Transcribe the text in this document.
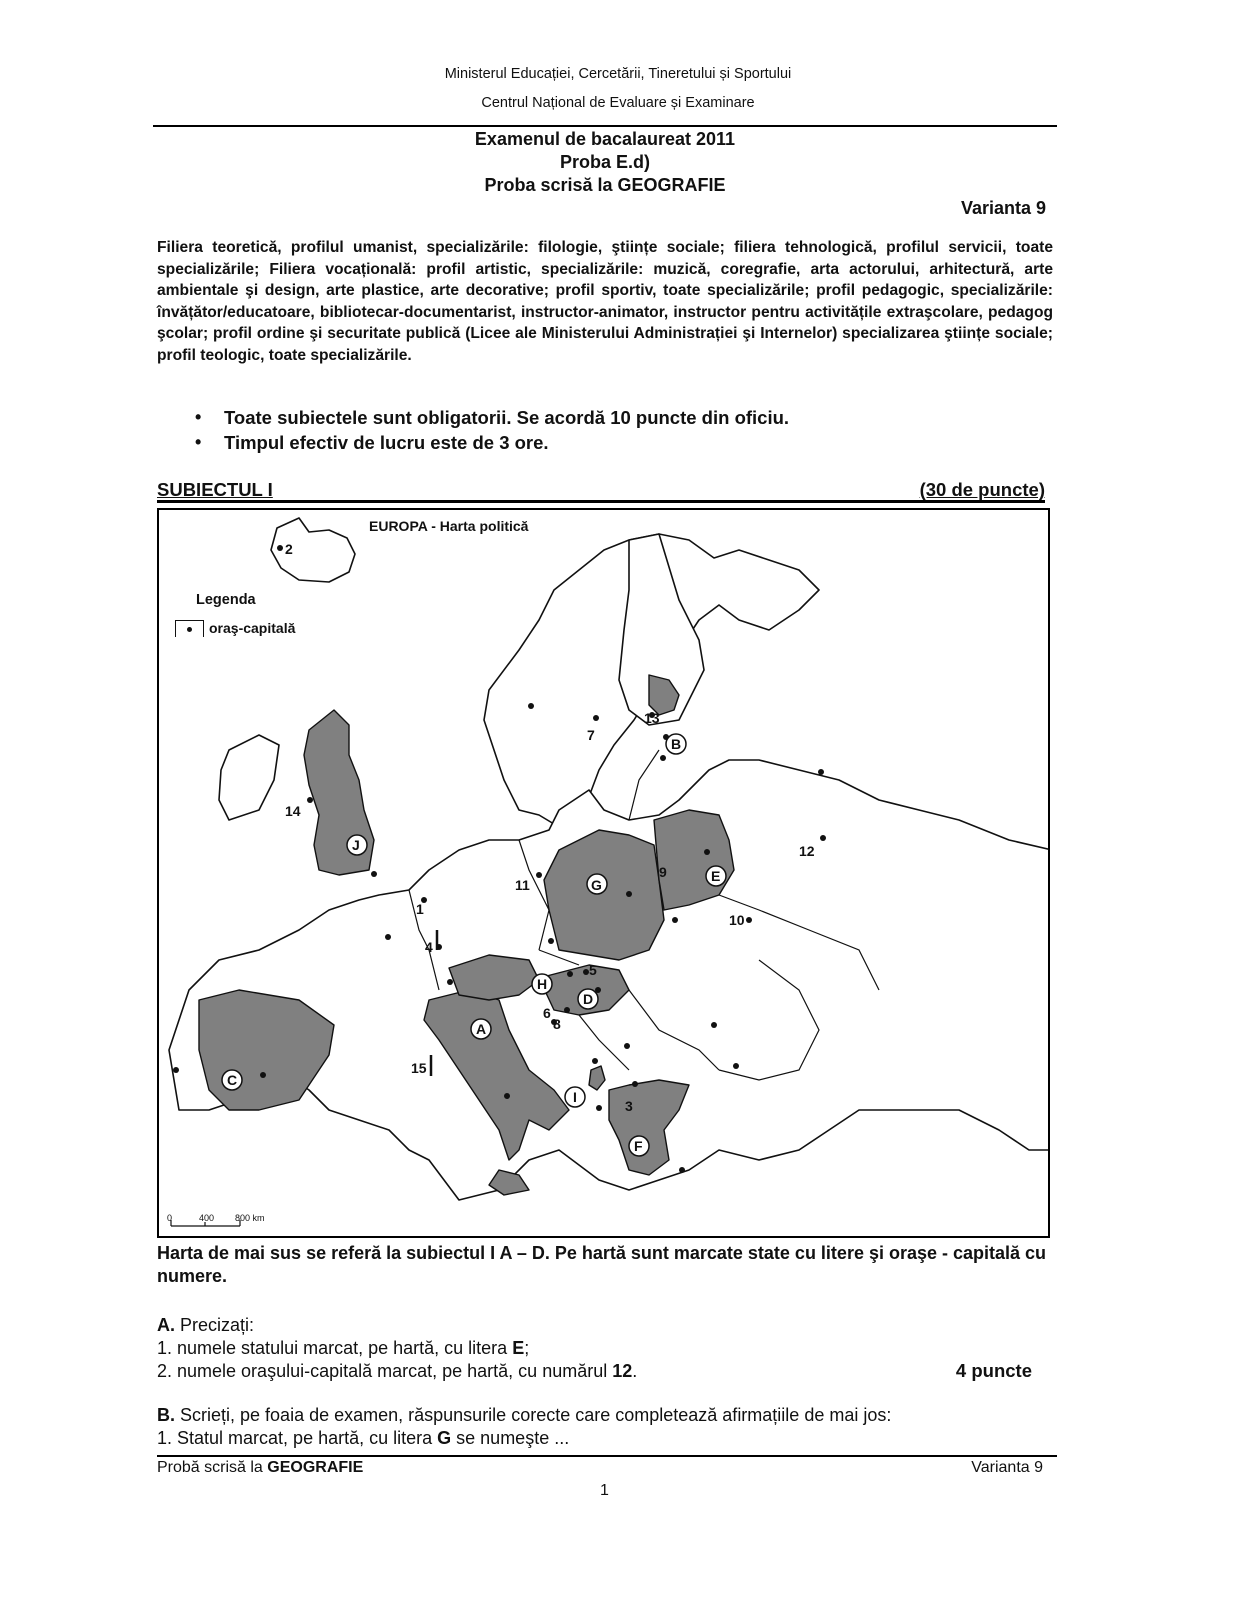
Ministerul Educației, Cercetării, Tineretului și Sportului
Centrul Național de Evaluare și Examinare
Examenul de bacalaureat 2011
Proba E.d)
Proba scrisă la GEOGRAFIE
Varianta 9
Filiera teoretică, profilul umanist, specializările: filologie, ştiințe sociale; filiera tehnologică, profilul servicii, toate specializările; Filiera vocațională: profil artistic, specializările: muzică, coregrafie, arta actorului, arhitectură, arte ambientale şi design, arte plastice, arte decorative; profil sportiv, toate specializările; profil pedagogic, specializările: învățător/educatoare, bibliotecar-documentarist, instructor-animator, instructor pentru activitățile extraşcolare, pedagog şcolar; profil ordine şi securitate publică (Licee ale Ministerului Administrației şi Internelor) specializarea ştiințe sociale; profil teologic, toate specializările.
• Toate subiectele sunt obligatorii. Se acordă 10 puncte din oficiu.
• Timpul efectiv de lucru este de 3 ore.
SUBIECTUL I	(30 de puncte)
2
13
7
12
14
9
11
1
10
4
5
6
8
15
3
J
G
E
B
C
A
H
D
I
F
EUROPA - Harta politică
Legenda
oraş-capitală
0	400 800 km
Harta de mai sus se referă la subiectul I A – D. Pe hartă sunt marcate state cu litere şi oraşe - capitală cu numere.
A. Precizați:
1. numele statului marcat, pe hartă, cu litera E;
2. numele oraşului-capitală marcat, pe hartă, cu numărul 12.	4 puncte
B. Scrieți, pe foaia de examen, răspunsurile corecte care completează afirmațiile de mai jos:
1. Statul marcat, pe hartă, cu litera G se numeşte ...
Probă scrisă la GEOGRAFIE	Varianta 9
1
